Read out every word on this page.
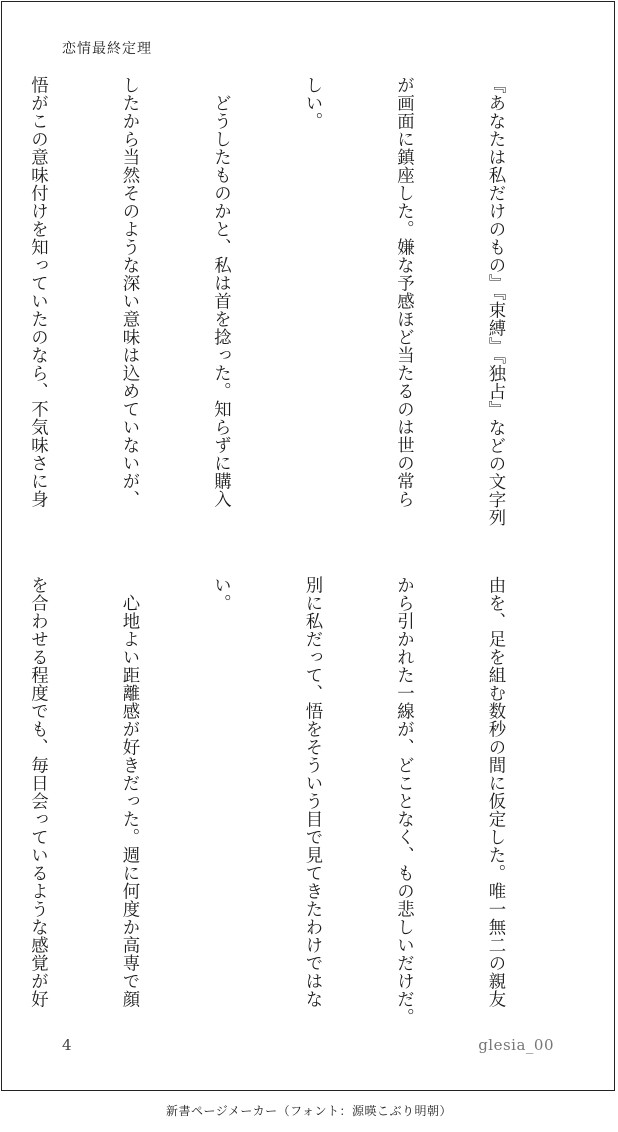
恋情最終定理

『あなたは私だけのもの』『束縛』『独占』などの文字列

が画面に鎮座した。嫌な予感ほど当たるのは世の常ら

しい。

　どうしたものかと、私は首を捻った。知らずに購入

したから当然そのような深い意味は込めていないが、

悟がこの意味付けを知っていたのなら、不気味さに身

由を、足を組む数秒の間に仮定した。唯一無二の親友

から引かれた一線が、どことなく、もの悲しいだけだ。

別に私だって、悟をそういう目で見てきたわけではな

い。

　心地よい距離感が好きだった。週に何度か高専で顔

を合わせる程度でも、毎日会っているような感覚が好

4	glesia_00
新書ページメーカー（フォント：源暎こぶり明朝）
